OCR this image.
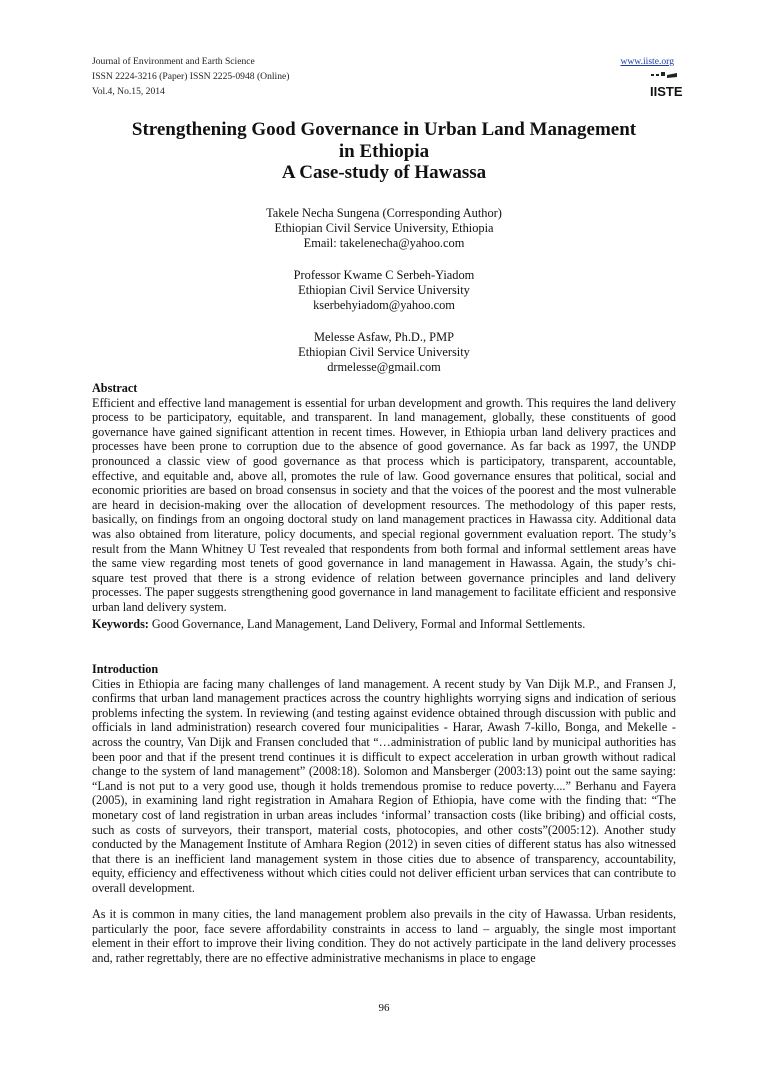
Journal of Environment and Earth Science
ISSN 2224-3216 (Paper) ISSN 2225-0948 (Online)
Vol.4, No.15, 2014
www.iiste.org
IISTE
Strengthening Good Governance in Urban Land Management
in Ethiopia
A Case-study of Hawassa
Takele Necha Sungena (Corresponding Author)
Ethiopian Civil Service University, Ethiopia
Email: takelenecha@yahoo.com
Professor Kwame C Serbeh-Yiadom
Ethiopian Civil Service University
kserbehyiadom@yahoo.com
Melesse Asfaw, Ph.D., PMP
Ethiopian Civil Service University
drmelesse@gmail.com
Abstract
Efficient and effective land management is essential for urban development and growth. This requires the land delivery process to be participatory, equitable, and transparent. In land management, globally, these constituents of good governance have gained significant attention in recent times. However, in Ethiopia urban land delivery practices and processes have been prone to corruption due to the absence of good governance. As far back as 1997, the UNDP pronounced a classic view of good governance as that process which is participatory, transparent, accountable, effective, and equitable and, above all, promotes the rule of law. Good governance ensures that political, social and economic priorities are based on broad consensus in society and that the voices of the poorest and the most vulnerable are heard in decision-making over the allocation of development resources. The methodology of this paper rests, basically, on findings from an ongoing doctoral study on land management practices in Hawassa city. Additional data was also obtained from literature, policy documents, and special regional government evaluation report. The study’s result from the Mann Whitney U Test revealed that respondents from both formal and informal settlement areas have the same view regarding most tenets of good governance in land management in Hawassa. Again, the study’s chi-square test proved that there is a strong evidence of relation between governance principles and land delivery processes. The paper suggests strengthening good governance in land management to facilitate efficient and responsive urban land delivery system.
Keywords: Good Governance, Land Management, Land Delivery, Formal and Informal Settlements.
Introduction
Cities in Ethiopia are facing many challenges of land management. A recent study by Van Dijk M.P., and Fransen J, confirms that urban land management practices across the country highlights worrying signs and indication of serious problems infecting the system. In reviewing (and testing against evidence obtained through discussion with public and officials in land administration) research covered four municipalities - Harar, Awash 7-killo, Bonga, and Mekelle - across the country, Van Dijk and Fransen concluded that “…administration of public land by municipal authorities has been poor and that if the present trend continues it is difficult to expect acceleration in urban growth without radical change to the system of land management” (2008:18). Solomon and Mansberger (2003:13) point out the same saying: “Land is not put to a very good use, though it holds tremendous promise to reduce poverty....” Berhanu and Fayera (2005), in examining land right registration in Amahara Region of Ethiopia, have come with the finding that: “The monetary cost of land registration in urban areas includes ‘informal’ transaction costs (like bribing) and official costs, such as costs of surveyors, their transport, material costs, photocopies, and other costs”(2005:12). Another study conducted by the Management Institute of Amhara Region (2012) in seven cities of different status has also witnessed that there is an inefficient land management system in those cities due to absence of transparency, accountability, equity, efficiency and effectiveness without which cities could not deliver efficient urban services that can contribute to overall development.
As it is common in many cities, the land management problem also prevails in the city of Hawassa. Urban residents, particularly the poor, face severe affordability constraints in access to land – arguably, the single most important element in their effort to improve their living condition. They do not actively participate in the land delivery processes and, rather regrettably, there are no effective administrative mechanisms in place to engage
96
